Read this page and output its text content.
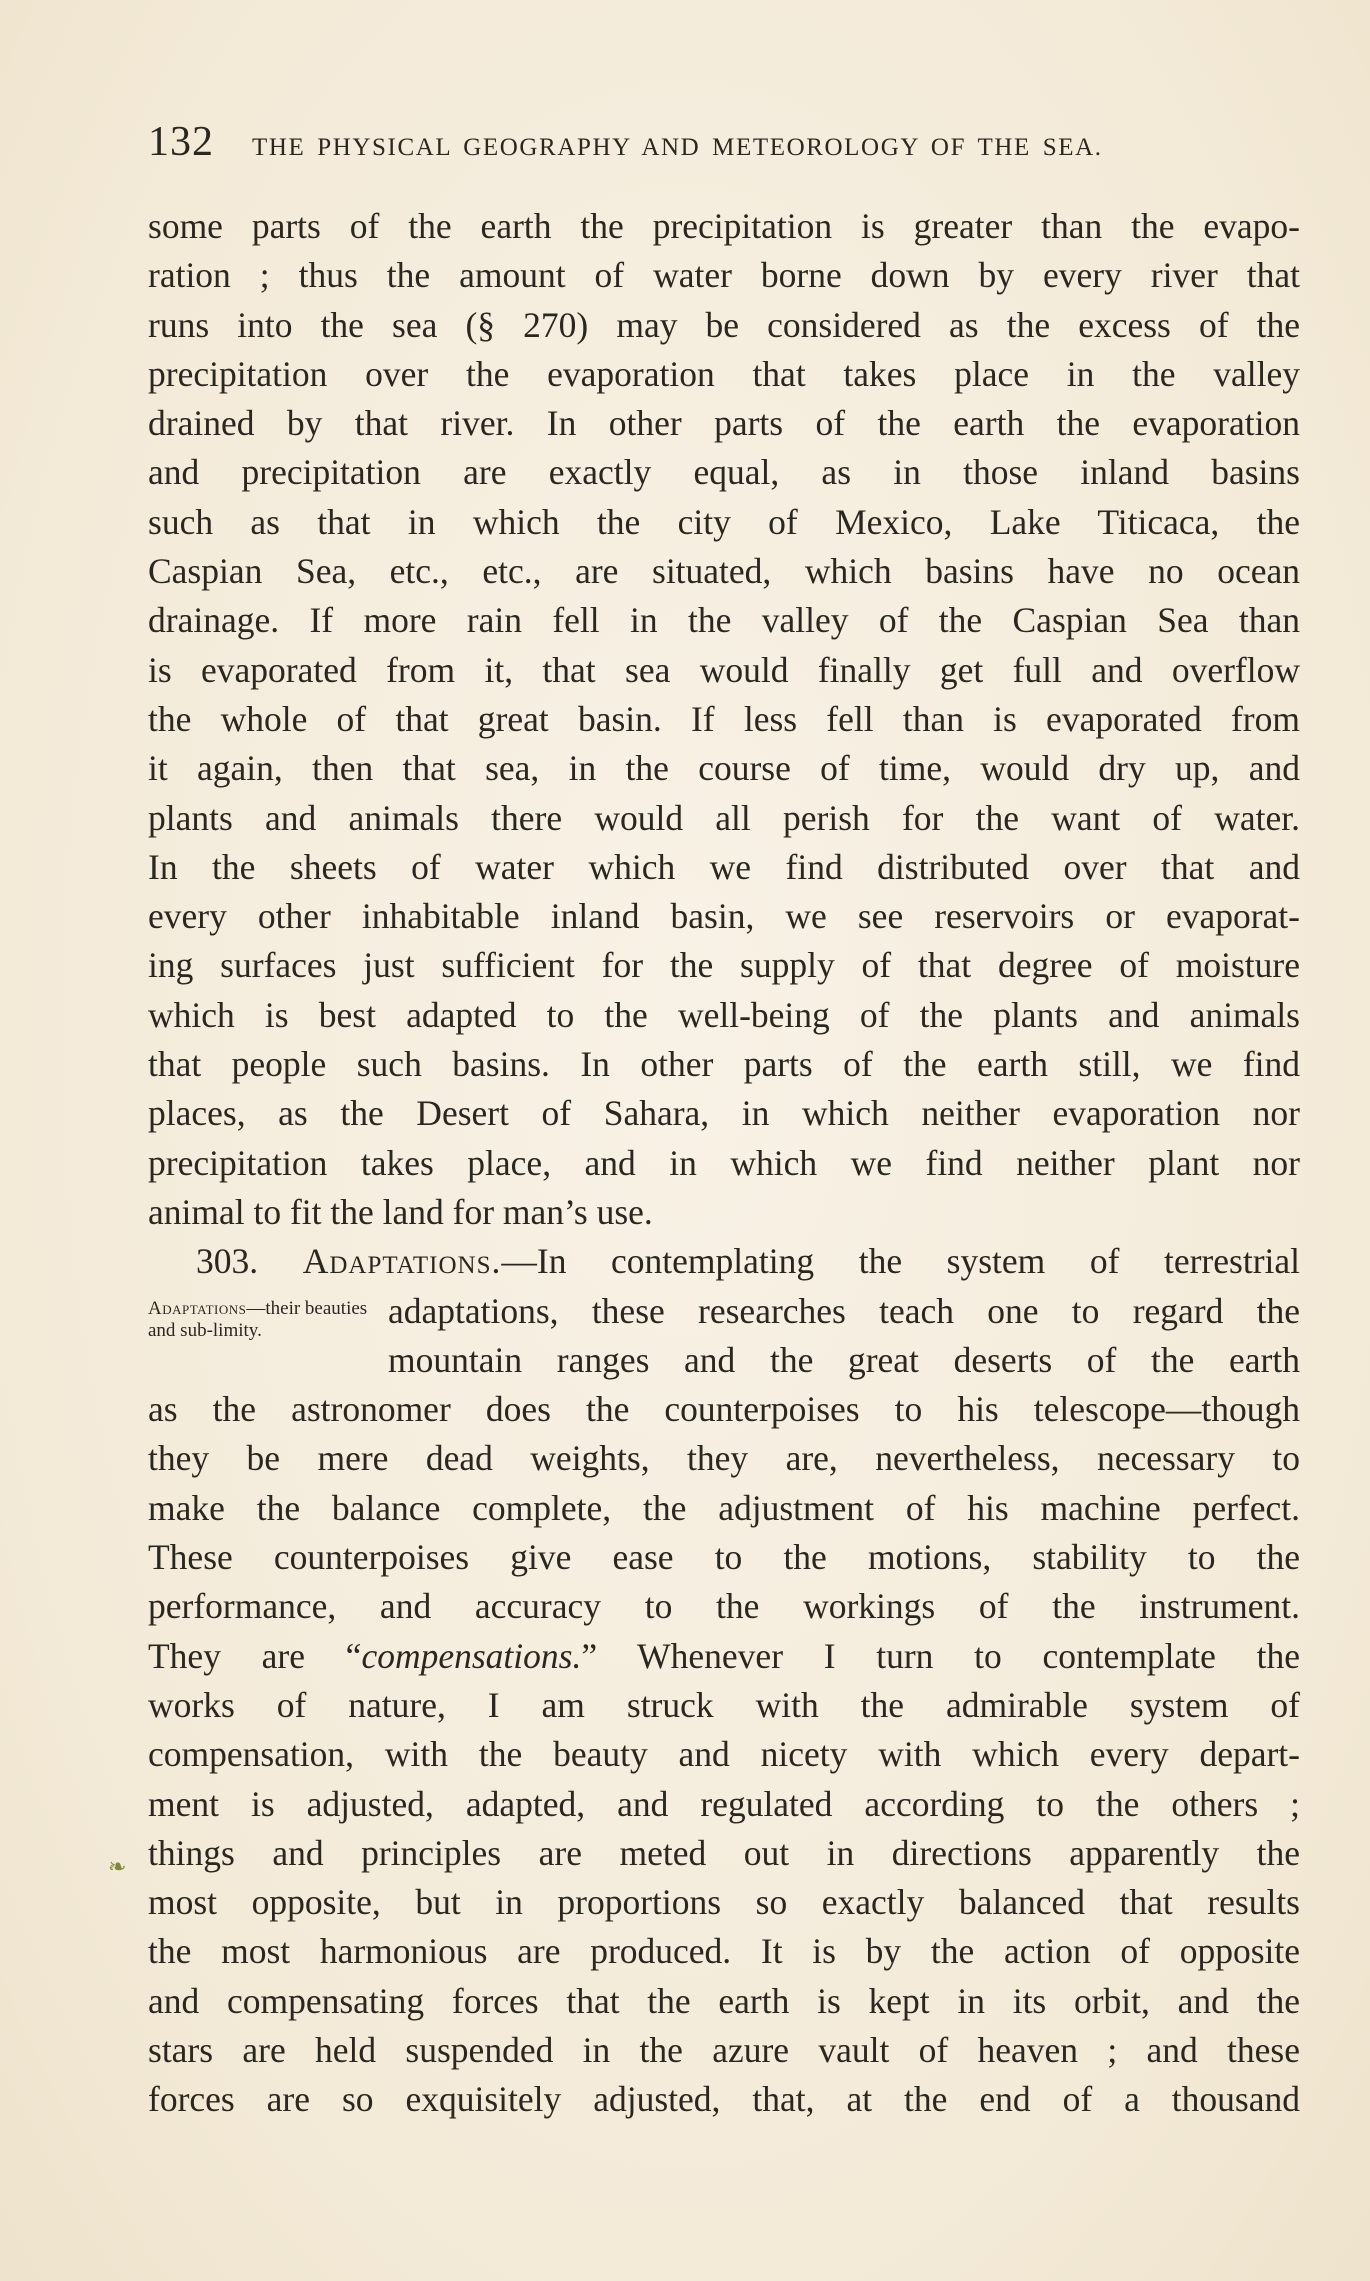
132 THE PHYSICAL GEOGRAPHY AND METEOROLOGY OF THE SEA.
some parts of the earth the precipitation is greater than the evapo-
ration ; thus the amount of water borne down by every river that
runs into the sea (§ 270) may be considered as the excess of the
precipitation over the evaporation that takes place in the valley
drained by that river. In other parts of the earth the evaporation
and precipitation are exactly equal, as in those inland basins
such as that in which the city of Mexico, Lake Titicaca, the
Caspian Sea, etc., etc., are situated, which basins have no ocean
drainage. If more rain fell in the valley of the Caspian Sea than
is evaporated from it, that sea would finally get full and overflow
the whole of that great basin. If less fell than is evaporated from
it again, then that sea, in the course of time, would dry up, and
plants and animals there would all perish for the want of water.
In the sheets of water which we find distributed over that and
every other inhabitable inland basin, we see reservoirs or evaporat-
ing surfaces just sufficient for the supply of that degree of moisture
which is best adapted to the well-being of the plants and animals
that people such basins. In other parts of the earth still, we find
places, as the Desert of Sahara, in which neither evaporation nor
precipitation takes place, and in which we find neither plant nor
animal to fit the land for man’s use.
303. Adaptations.—In contemplating the system of terrestrial
adaptations, these researches teach one to regard the
mountain ranges and the great deserts of the earth
as the astronomer does the counterpoises to his telescope—though
they be mere dead weights, they are, nevertheless, necessary to
make the balance complete, the adjustment of his machine perfect.
These counterpoises give ease to the motions, stability to the
performance, and accuracy to the workings of the instrument.
They are “compensations.” Whenever I turn to contemplate the
works of nature, I am struck with the admirable system of
compensation, with the beauty and nicety with which every depart-
ment is adjusted, adapted, and regulated according to the others ;
things and principles are meted out in directions apparently the
most opposite, but in proportions so exactly balanced that results
the most harmonious are produced. It is by the action of opposite
and compensating forces that the earth is kept in its orbit, and the
stars are held suspended in the azure vault of heaven ; and these
forces are so exquisitely adjusted, that, at the end of a thousand
Adaptations—their beauties and sub-limity.
❧
